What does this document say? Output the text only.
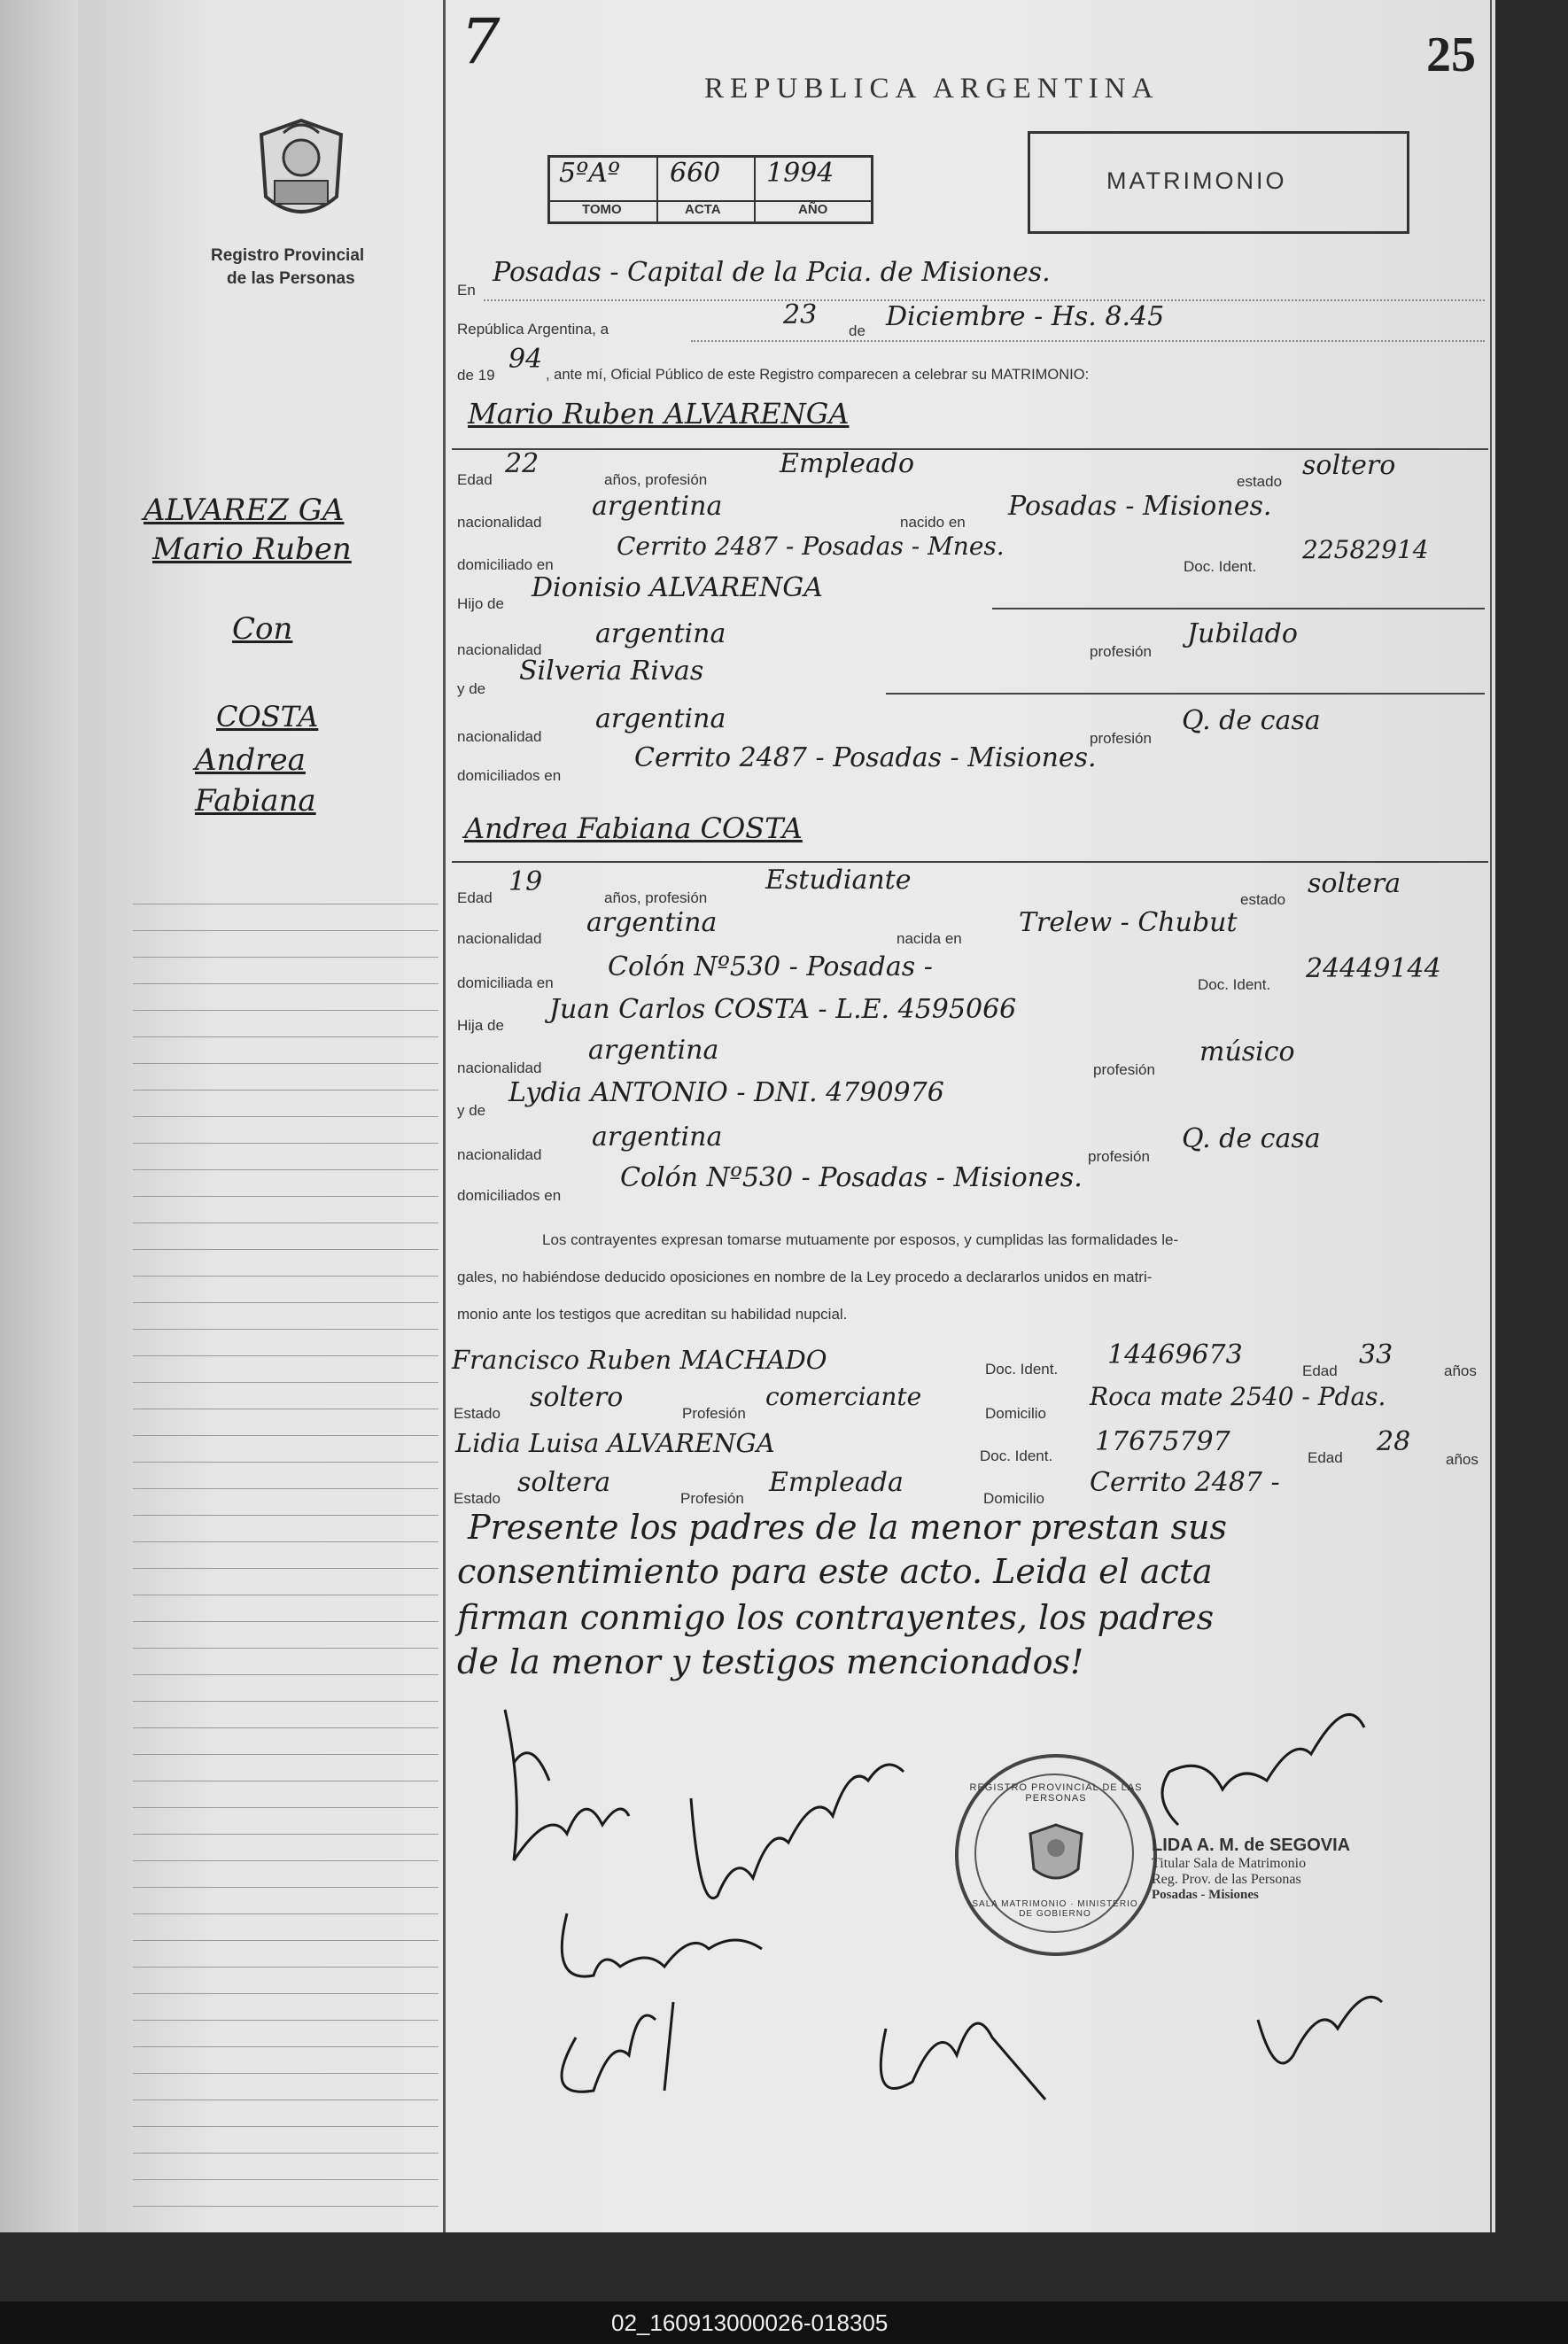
7
REPUBLICA ARGENTINA
25
Registro Provincial
de las Personas
5ºAº 660 1994
TOMO	ACTA	AÑO
MATRIMONIO
ALVAREZ GA
Mario Ruben
Con
COSTA
Andrea
Fabiana
En
Posadas - Capital de la Pcia. de Misiones.
República Argentina, a	23
de Diciembre - Hs. 8.45
de 19
94 , ante mí, Oficial Público de este Registro comparecen a celebrar su MATRIMONIO:
Mario Ruben ALVARENGA
Edad
22
años, profesión
Empleado
estado
soltero
nacionalidad
argentina
nacido en
Posadas - Misiones.
domiciliado en
Cerrito 2487 - Posadas - Mnes.
Doc. Ident.
22582914
Hijo de
Dionisio ALVARENGA
nacionalidad
argentina
profesión
Jubilado
y de
Silveria Rivas
nacionalidad
argentina
profesión
Q. de casa
domiciliados en
Cerrito 2487 - Posadas - Misiones.
Andrea Fabiana COSTA
Edad
19
años, profesión
Estudiante
estado
soltera
nacionalidad
argentina
nacida en
Trelew - Chubut
domiciliada en
Colón Nº530 - Posadas -
Doc. Ident.
24449144
Hija de
Juan Carlos COSTA - L.E. 4595066
nacionalidad
argentina
profesión
músico
y de
Lydia ANTONIO - DNI. 4790976
nacionalidad
argentina
profesión
Q. de casa
domiciliados en
Colón Nº530 - Posadas - Misiones.
Los contrayentes expresan tomarse mutuamente por esposos, y cumplidas las formalidades le-
gales, no habiéndose deducido oposiciones en nombre de la Ley procedo a declararlos unidos en matri-
monio ante los testigos que acreditan su habilidad nupcial.
Francisco Ruben MACHADO	Doc. Ident. 14469673
Edad
33
años
Estado
soltero
Profesión
comerciante
Domicilio
Roca mate 2540 - Pdas.
Lidia Luisa ALVARENGA	Doc. Ident. 17675797
Edad
28
años
Estado
soltera
Profesión
Empleada
Domicilio
Cerrito 2487 -
Presente los padres de la menor prestan sus
consentimiento para este acto. Leida el acta
firman conmigo los contrayentes, los padres
de la menor y testigos mencionados!
REGISTRO PROVINCIAL DE LAS PERSONAS
SALA MATRIMONIO · MINISTERIO DE GOBIERNO
LIDA A. M. de SEGOVIA
Titular Sala de Matrimonio
Reg. Prov. de las Personas
Posadas - Misiones
02_160913000026-018305
